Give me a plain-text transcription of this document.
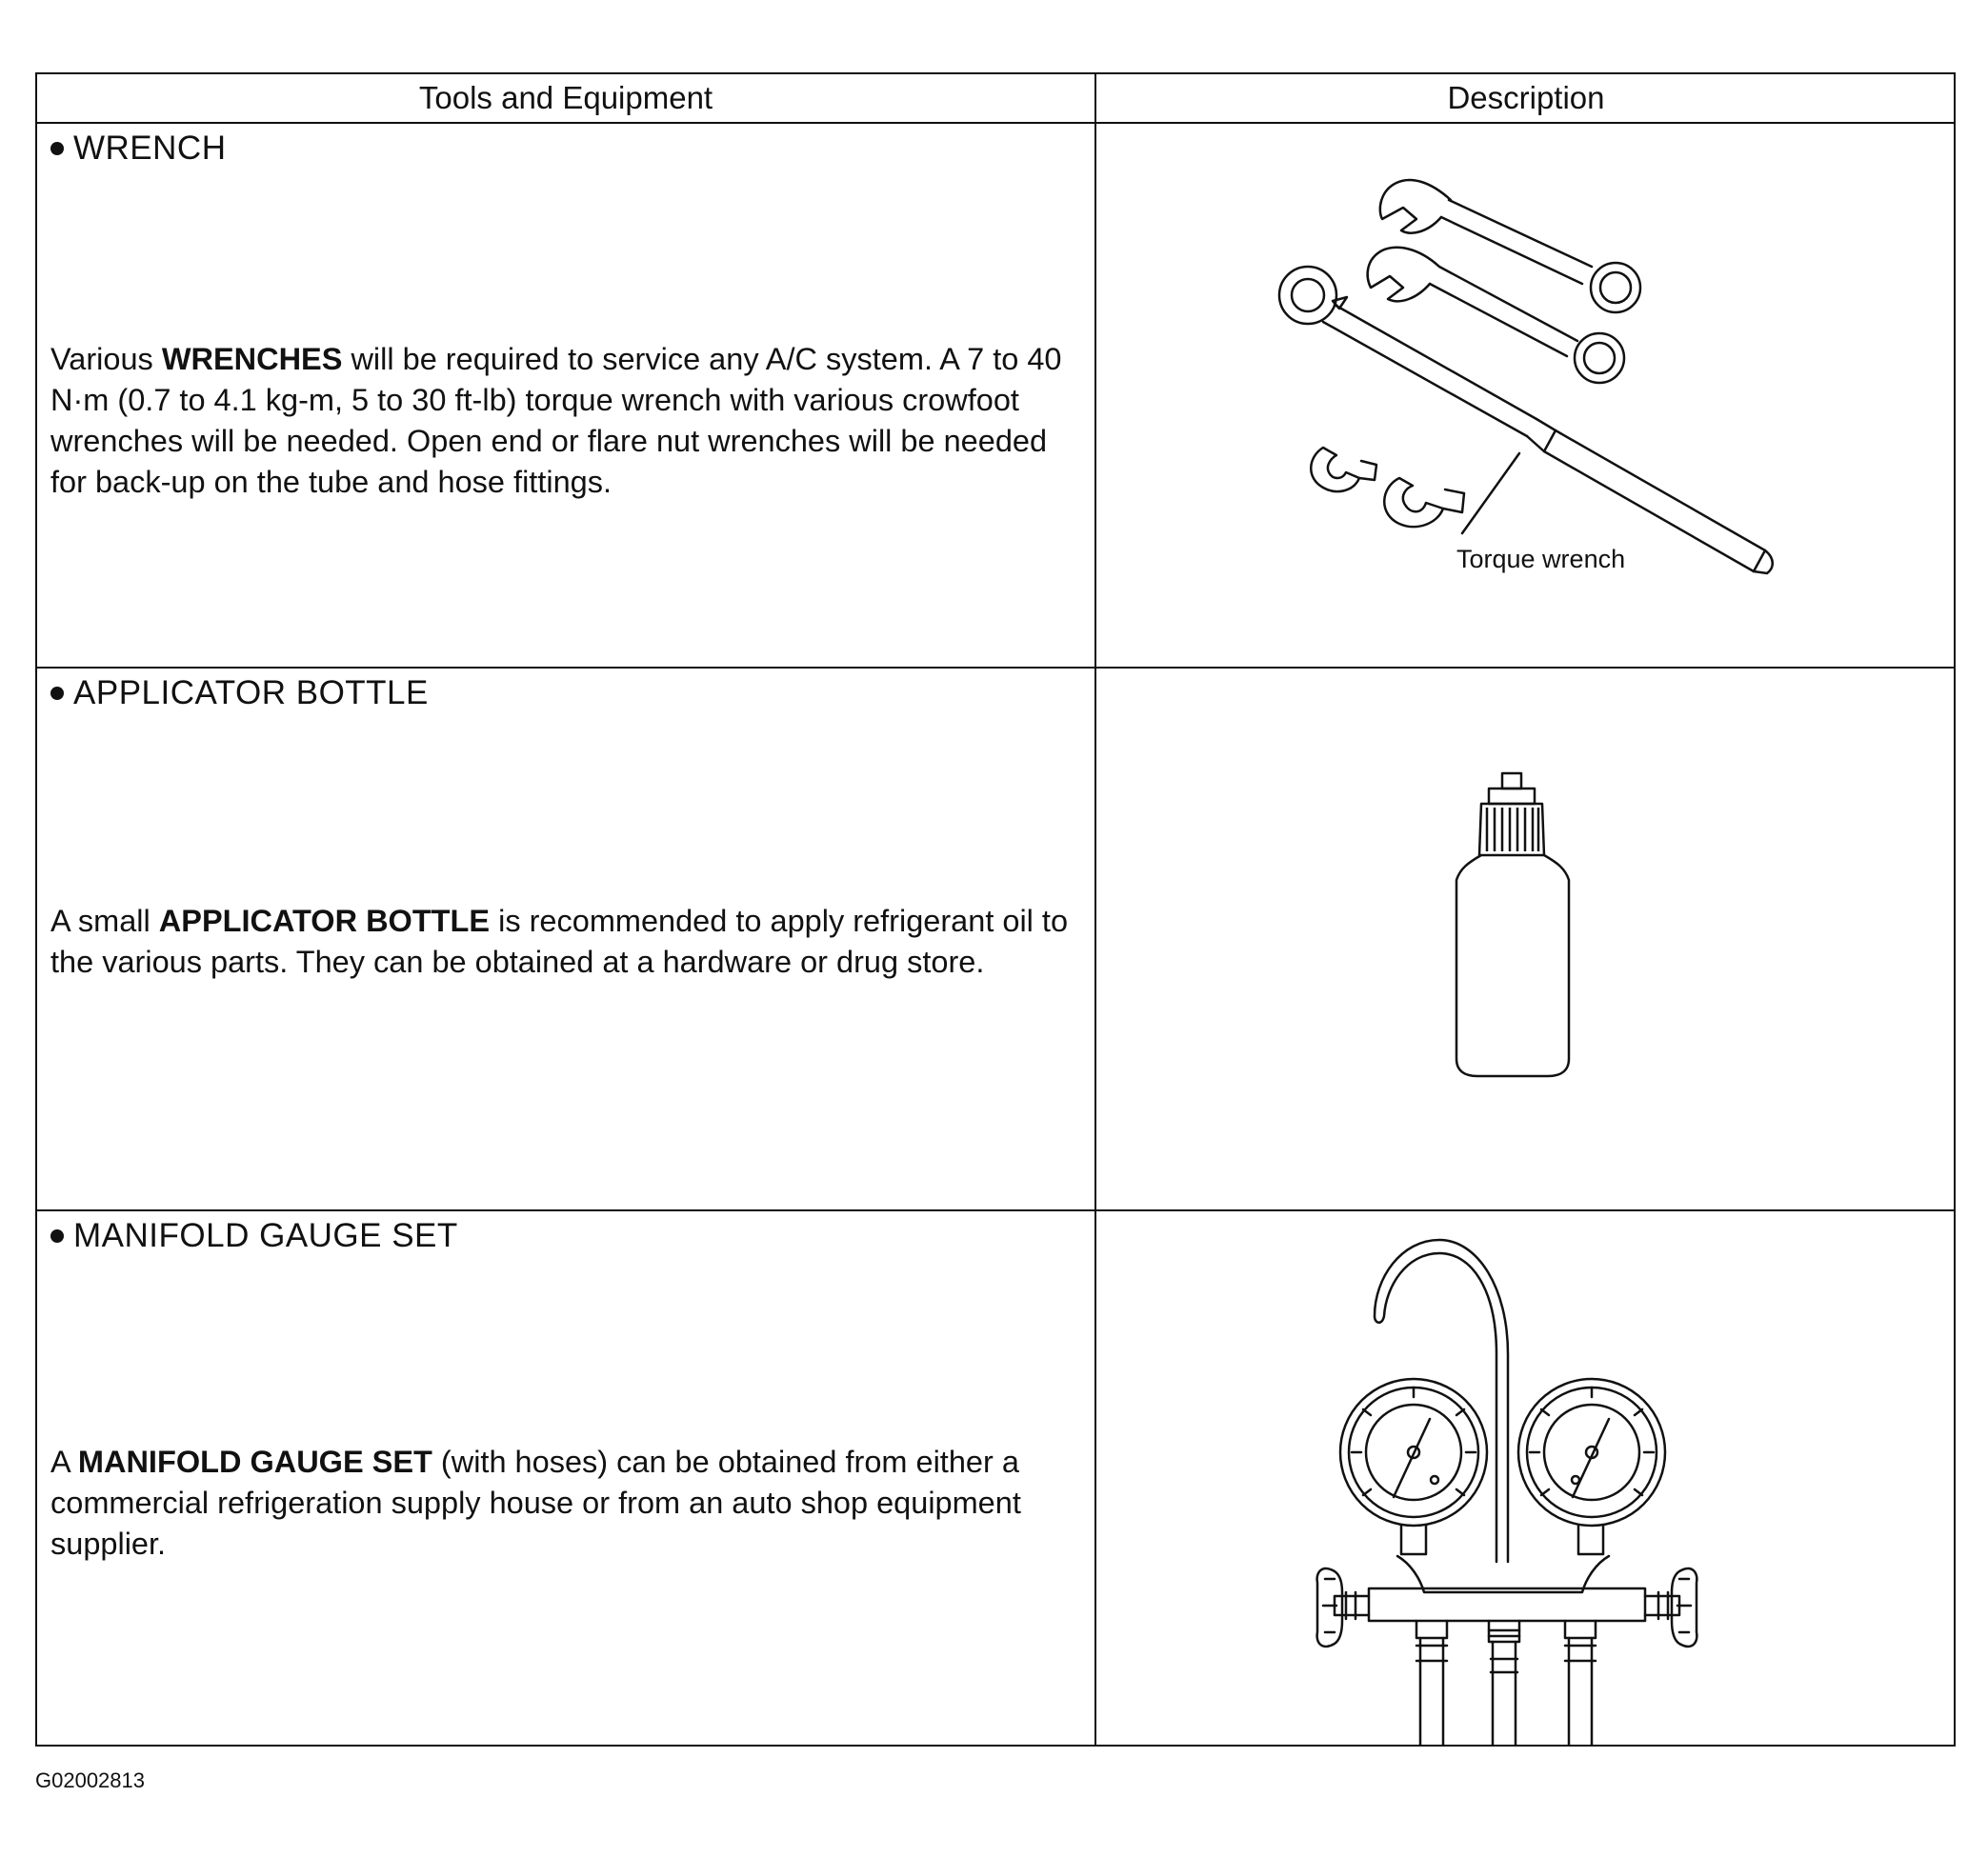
Tools and Equipment	Description
WRENCH
Various WRENCHES will be required to service any A/C system. A 7 to 40 N·m (0.7 to 4.1 kg-m, 5 to 30 ft-lb) torque wrench with various crowfoot wrenches will be needed. Open end or flare nut wrenches will be needed for back-up on the tube and hose fittings.
Torque wrench
APPLICATOR BOTTLE
A small APPLICATOR BOTTLE is recommended to apply refrigerant oil to the various parts. They can be obtained at a hardware or drug store.
MANIFOLD GAUGE SET
A MANIFOLD GAUGE SET (with hoses) can be obtained from either a commercial refrigeration supply house or from an auto shop equipment supplier.
G02002813
